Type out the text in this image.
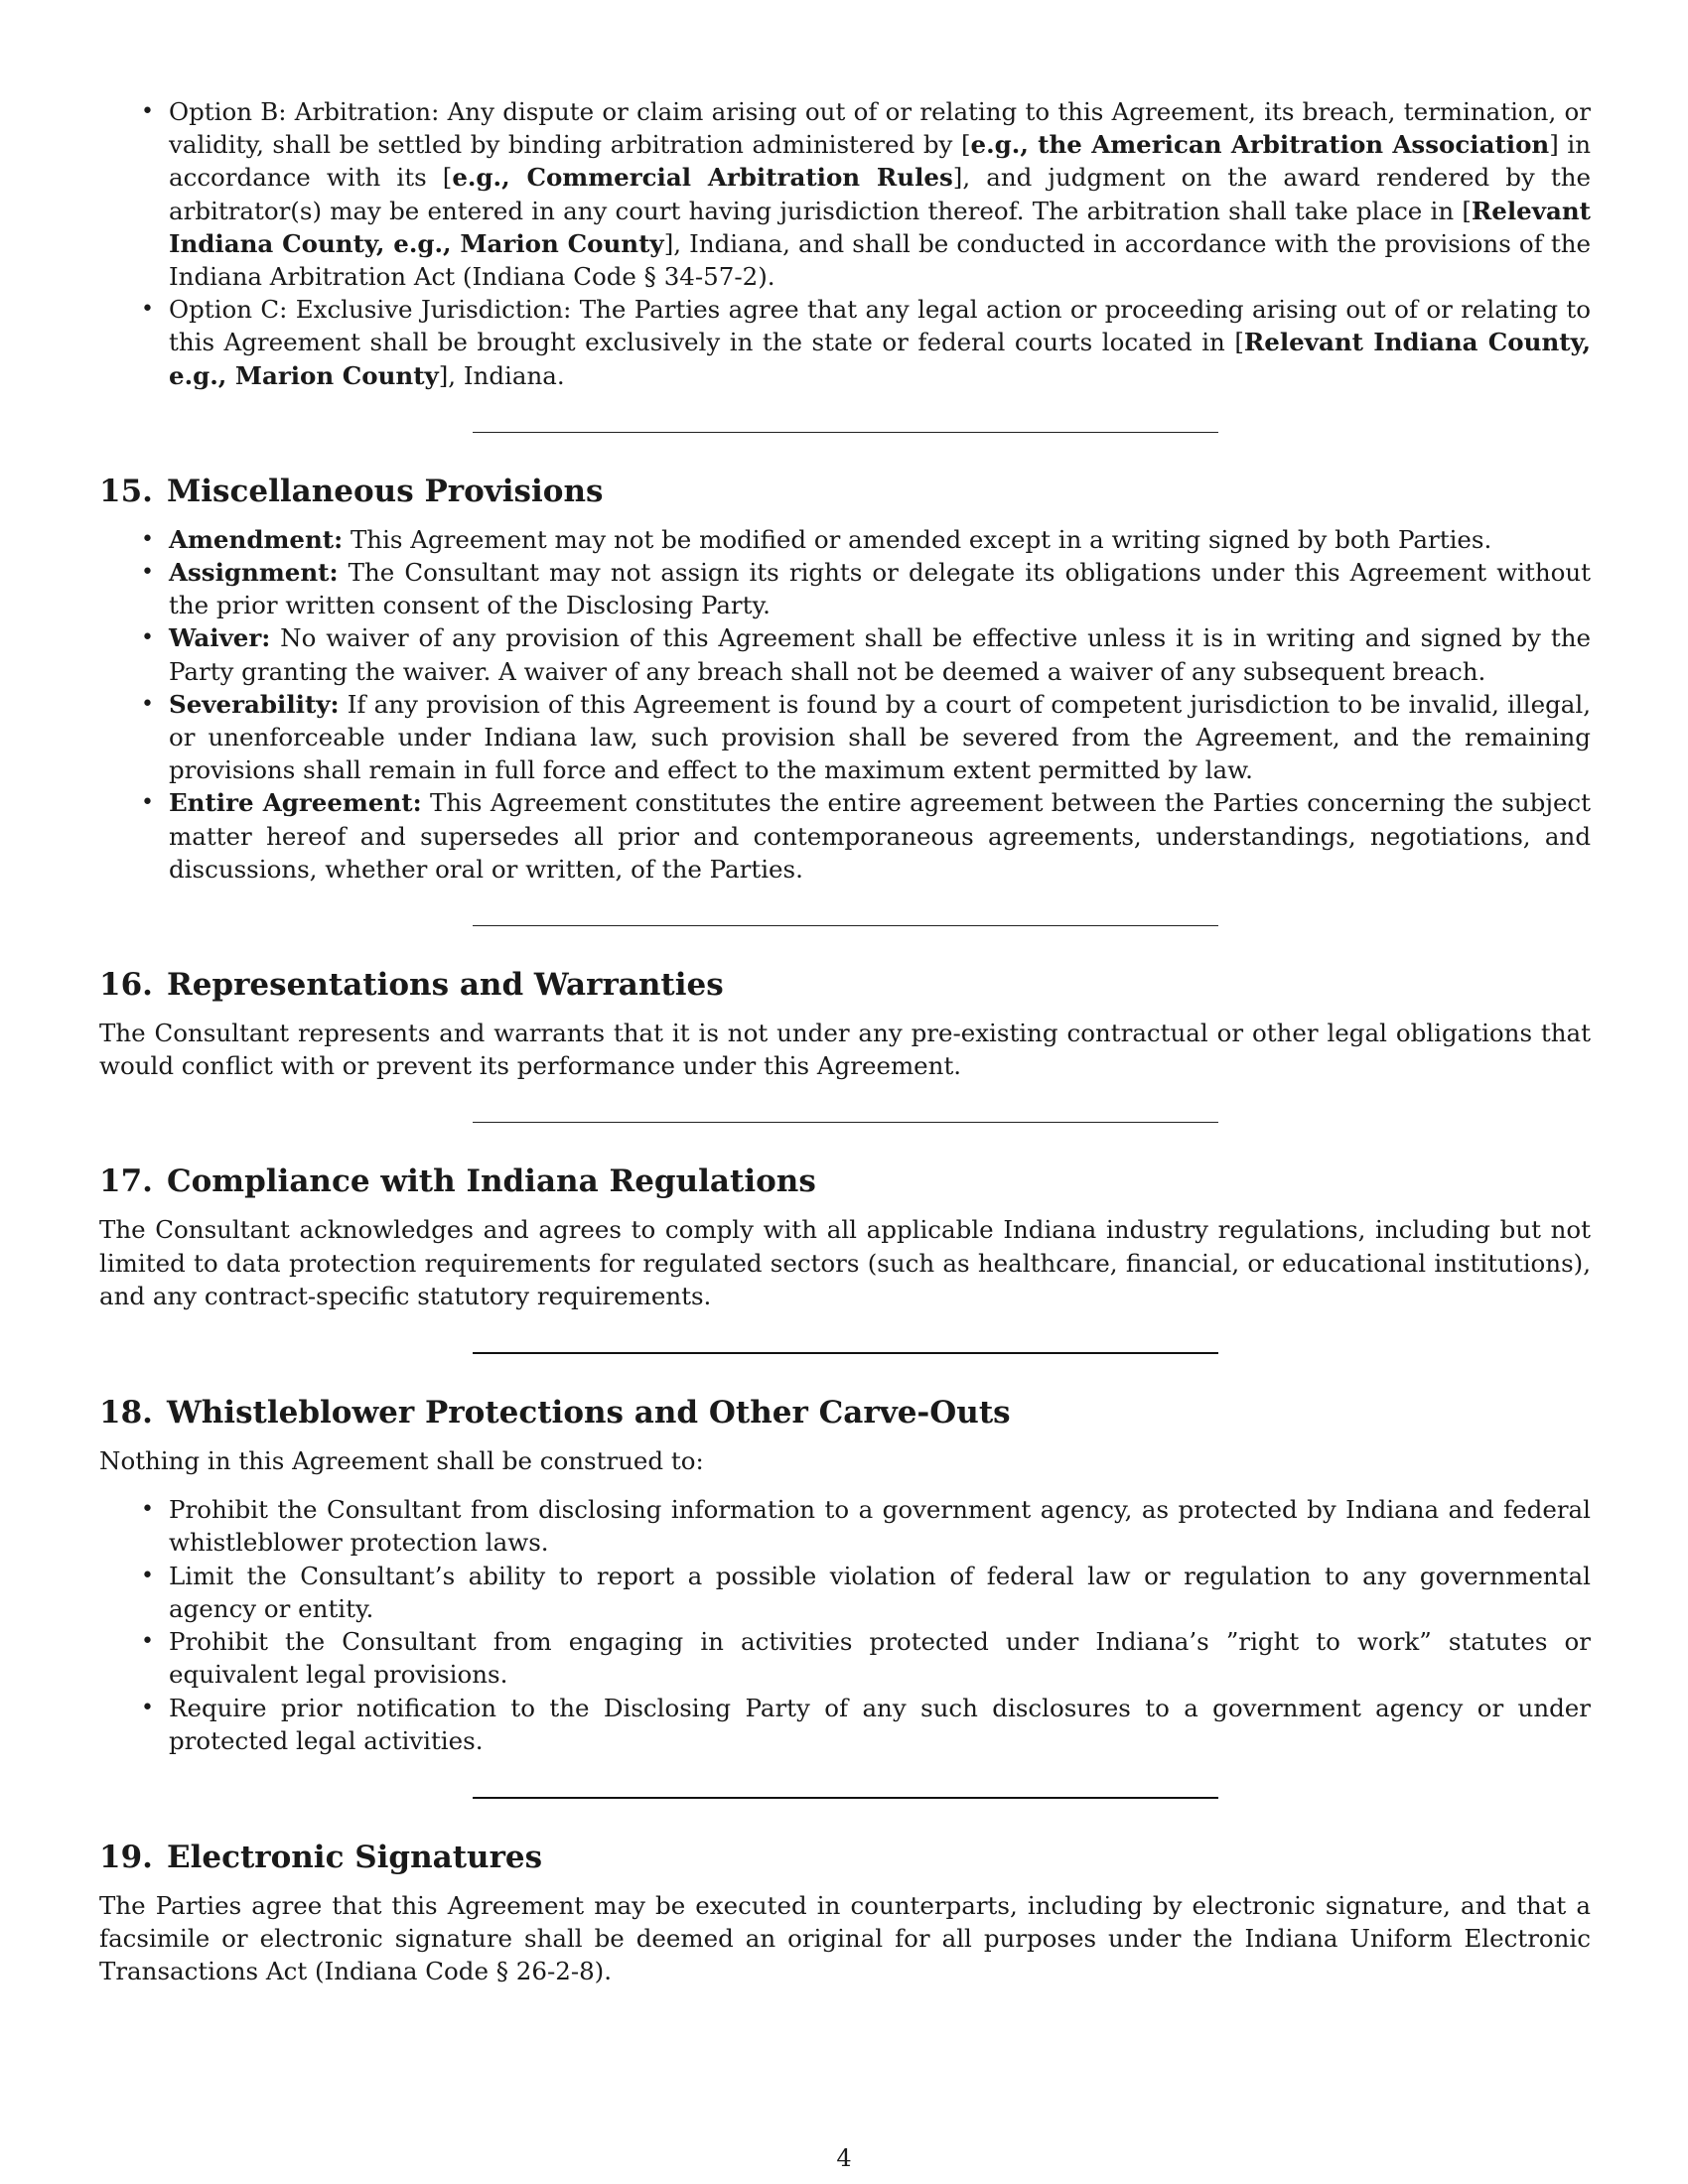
• Option B: Arbitration: Any dispute or claim arising out of or relating to this Agreement, its breach, termination, or validity, shall be settled by binding arbitration administered by [e.g., the American Arbitration Association] in accordance with its [e.g., Commercial Arbitration Rules], and judgment on the award rendered by the arbitrator(s) may be entered in any court having jurisdiction thereof. The arbitration shall take place in [Relevant Indiana County, e.g., Marion County], Indiana, and shall be conducted in accordance with the provisions of the Indiana Arbitration Act (Indiana Code § 34-57-2).
• Option C: Exclusive Jurisdiction: The Parties agree that any legal action or proceeding arising out of or relating to this Agreement shall be brought exclusively in the state or federal courts located in [Relevant Indiana County, e.g., Marion County], Indiana.
15. Miscellaneous Provisions
• Amendment: This Agreement may not be modified or amended except in a writing signed by both Parties.
• Assignment: The Consultant may not assign its rights or delegate its obligations under this Agreement without the prior written consent of the Disclosing Party.
• Waiver: No waiver of any provision of this Agreement shall be effective unless it is in writing and signed by the Party granting the waiver. A waiver of any breach shall not be deemed a waiver of any subsequent breach.
• Severability: If any provision of this Agreement is found by a court of competent jurisdiction to be invalid, illegal, or unenforceable under Indiana law, such provision shall be severed from the Agreement, and the remaining provisions shall remain in full force and effect to the maximum extent permitted by law.
• Entire Agreement: This Agreement constitutes the entire agreement between the Parties concerning the subject matter hereof and supersedes all prior and contemporaneous agreements, understandings, negotiations, and discussions, whether oral or written, of the Parties.
16. Representations and Warranties

The Consultant represents and warrants that it is not under any pre-existing contractual or other legal obligations that would conflict with or prevent its performance under this Agreement.

17. Compliance with Indiana Regulations

The Consultant acknowledges and agrees to comply with all applicable Indiana industry regulations, including but not limited to data protection requirements for regulated sectors (such as healthcare, financial, or educational institutions), and any contract-specific statutory requirements.

18. Whistleblower Protections and Other Carve-Outs

Nothing in this Agreement shall be construed to:

• Prohibit the Consultant from disclosing information to a government agency, as protected by Indiana and federal whistleblower protection laws.
• Limit the Consultant’s ability to report a possible violation of federal law or regulation to any governmental agency or entity.
• Prohibit the Consultant from engaging in activities protected under Indiana’s ”right to work” statutes or equivalent legal provisions.
• Require prior notification to the Disclosing Party of any such disclosures to a government agency or under protected legal activities.
19. Electronic Signatures

The Parties agree that this Agreement may be executed in counterparts, including by electronic signature, and that a facsimile or electronic signature shall be deemed an original for all purposes under the Indiana Uniform Electronic Transactions Act (Indiana Code § 26-2-8).

4
